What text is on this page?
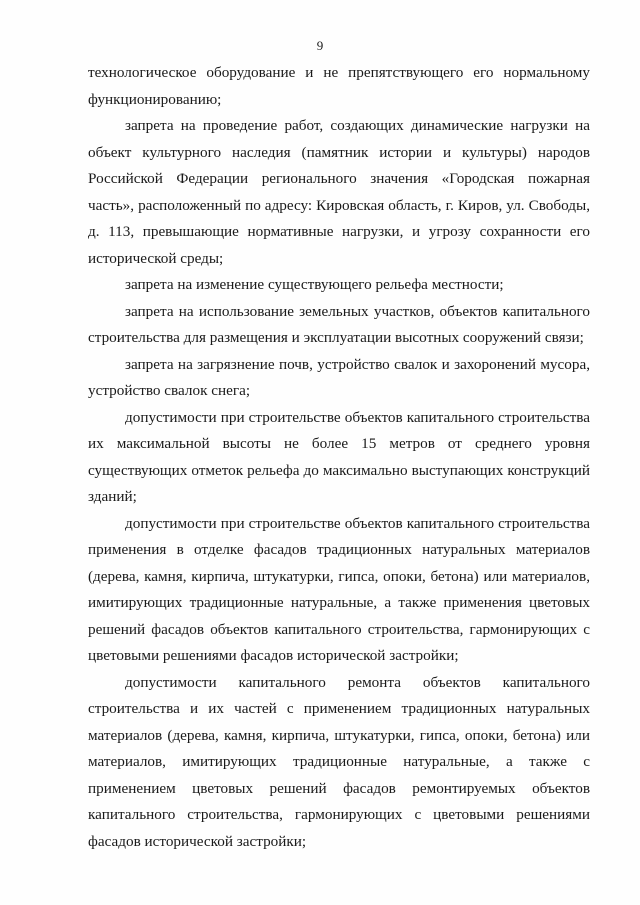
9

технологическое оборудование и не препятствующего его нормальному функционированию;

запрета на проведение работ, создающих динамические нагрузки на объект культурного наследия (памятник истории и культуры) народов Российской Федерации регионального значения «Городская пожарная часть», расположенный по адресу: Кировская область, г. Киров, ул. Свободы, д. 113, превышающие нормативные нагрузки, и угрозу сохранности его исторической среды;

запрета на изменение существующего рельефа местности;

запрета на использование земельных участков, объектов капитального строительства для размещения и эксплуатации высотных сооружений связи;

запрета на загрязнение почв, устройство свалок и захоронений мусора, устройство свалок снега;

допустимости при строительстве объектов капитального строительства их максимальной высоты не более 15 метров от среднего уровня существующих отметок рельефа до максимально выступающих конструкций зданий;

допустимости при строительстве объектов капитального строительства применения в отделке фасадов традиционных натуральных материалов (дерева, камня, кирпича, штукатурки, гипса, опоки, бетона) или материалов, имитирующих традиционные натуральные, а также применения цветовых решений фасадов объектов капитального строительства, гармонирующих с цветовыми решениями фасадов исторической застройки;

допустимости капитального ремонта объектов капитального строительства и их частей с применением традиционных натуральных материалов (дерева, камня, кирпича, штукатурки, гипса, опоки, бетона) или материалов, имитирующих традиционные натуральные, а также с применением цветовых решений фасадов ремонтируемых объектов капитального строительства, гармонирующих с цветовыми решениями фасадов исторической застройки;
